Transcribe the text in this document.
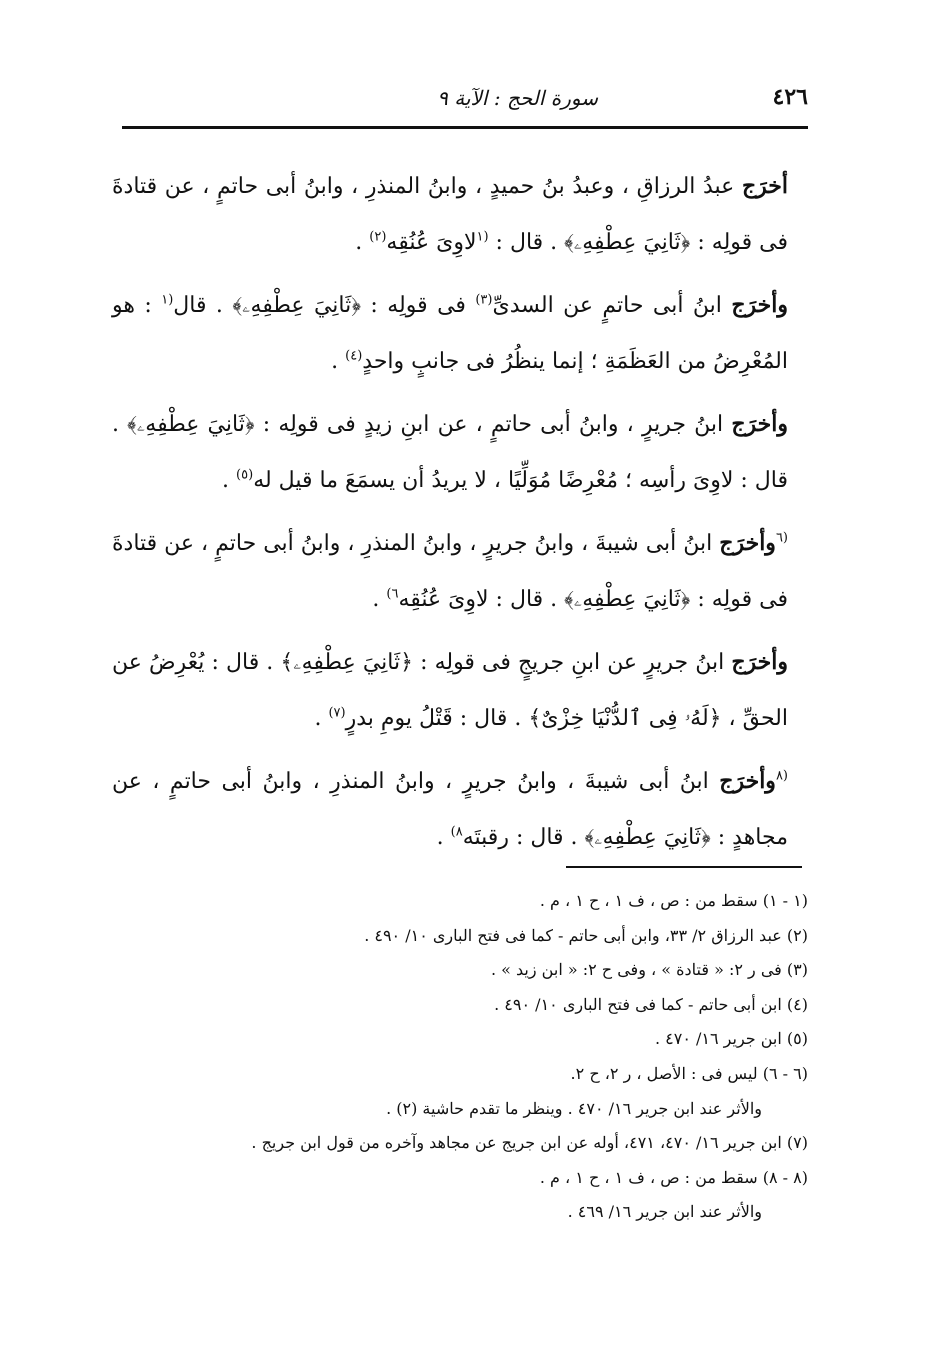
٤٢٦
سورة الحج : الآية ٩

أخرَج عبدُ الرزاقِ ، وعبدُ بنُ حميدٍ ، وابنُ المنذرِ ، وابنُ أبى حاتمٍ ، عن قتادةَ فى قولِه : ﴿ثَانِيَ عِطْفِهِۦ﴾ . قال : $^{(١}$لاوِىَ عُنُقِه$^{(٢)}$ .

وأخرَج ابنُ أبى حاتمٍ عن السدىِّ$^{(٣)}$ فى قولِه : ﴿ثَانِيَ عِطْفِهِۦ﴾ . قال$^{(١}$ : هو المُعْرِضُ من العَظَمَةِ ؛ إنما ينظُرُ فى جانبٍ واحدٍ$^{(٤)}$ .

وأخرَج ابنُ جريرٍ ، وابنُ أبى حاتمٍ ، عن ابنِ زيدٍ فى قولِه : ﴿ثَانِيَ عِطْفِهِۦ﴾ . قال : لاوِىَ رأسِه ؛ مُعْرِضًا مُوَلِّيًا ، لا يريدُ أن يسمَعَ ما قيل له$^{(٥)}$ .

$^{(٦}$وأخرَج ابنُ أبى شيبةَ ، وابنُ جريرٍ ، وابنُ المنذرِ ، وابنُ أبى حاتمٍ ، عن قتادةَ فى قولِه : ﴿ثَانِيَ عِطْفِهِۦ﴾ . قال : لاوِىَ عُنُقِه$^{٦)}$ .

وأخرَج ابنُ جريرٍ عن ابنِ جريجٍ فى قولِه : ﴿ثَانِيَ عِطْفِهِۦ﴾ . قال : يُعْرِضُ عن الحقِّ ، ﴿لَهُۥ فِى ٱلدُّنْيَا خِزْىٌ﴾ . قال : قَتْلُ يومِ بدرٍ$^{(٧)}$ .

$^{(٨}$وأخرَج ابنُ أبى شيبةَ ، وابنُ جريرٍ ، وابنُ المنذرِ ، وابنُ أبى حاتمٍ ، عن مجاهدٍ : ﴿ثَانِيَ عِطْفِهِۦ﴾ . قال : رقبتَه$^{٨)}$ .

(١ - ١) سقط من : ص ، ف ١ ، ح ١ ، م .

(٢) عبد الرزاق ٢/ ٣٣، وابن أبى حاتم - كما فى فتح البارى ١٠/ ٤٩٠ .

(٣) فى ر ٢: « قتادة » ، وفى ح ٢: « ابن زيد » .

(٤) ابن أبى حاتم - كما فى فتح البارى ١٠/ ٤٩٠ .

(٥) ابن جرير ١٦/ ٤٧٠ .

(٦ - ٦) ليس فى : الأصل ، ر ٢، ح ٢.

والأثر عند ابن جرير ١٦/ ٤٧٠ . وينظر ما تقدم حاشية (٢) .

(٧) ابن جرير ١٦/ ٤٧٠، ٤٧١، أوله عن ابن جريج عن مجاهد وآخره من قول ابن جريج .

(٨ - ٨) سقط من : ص ، ف ١ ، ح ١ ، م .

والأثر عند ابن جرير ١٦/ ٤٦٩ .
